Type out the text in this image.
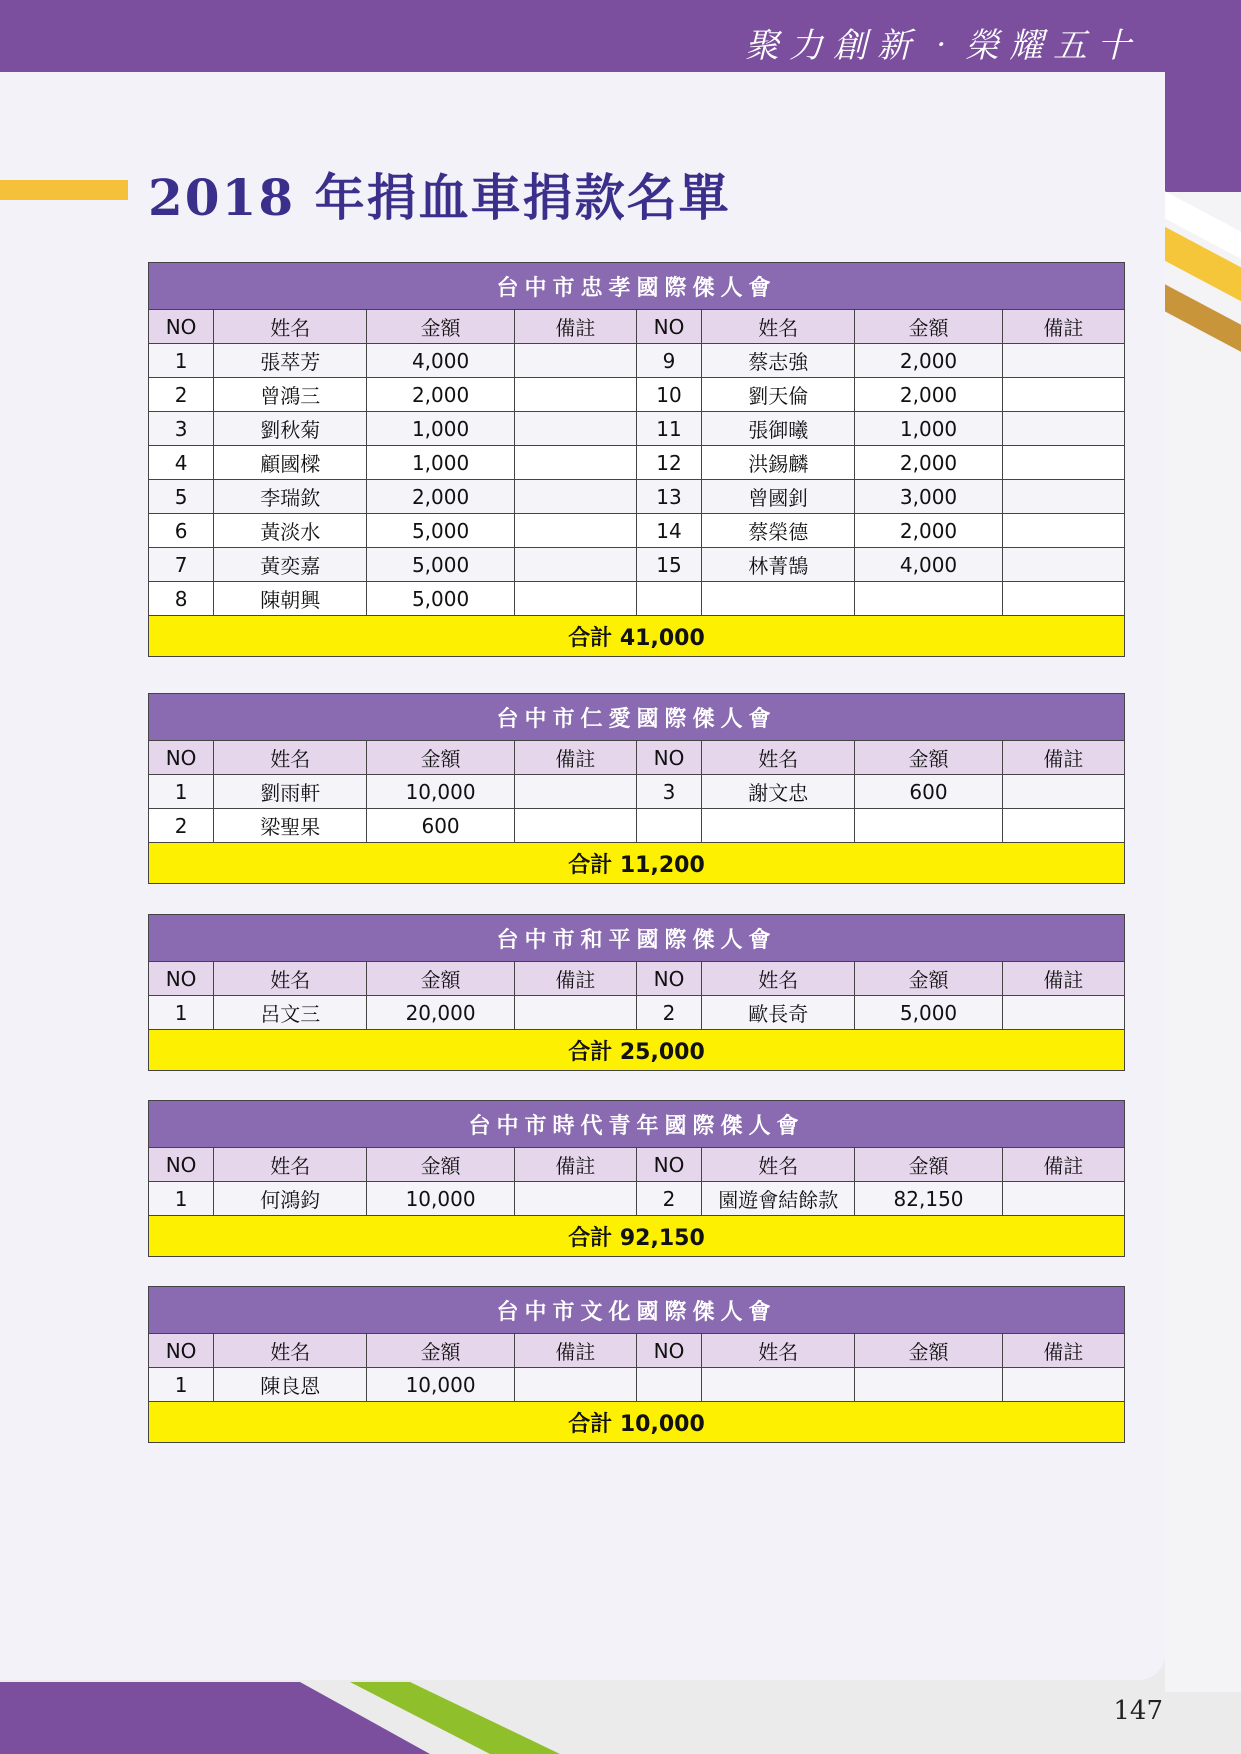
聚力創新‧榮耀五十
2018 年捐血車捐款名單
台中市忠孝國際傑人會							
NO	姓名	金額	備註	NO	姓名	金額	備註
1	張萃芳	4,000		9	蔡志強	2,000	
2	曾鴻三	2,000		10	劉天倫	2,000	
3	劉秋菊	1,000		11	張御曦	1,000	
4	顧國樑	1,000		12	洪錫麟	2,000	
5	李瑞欽	2,000		13	曾國釗	3,000	
6	黃淡水	5,000		14	蔡榮德	2,000	
7	黃奕嘉	5,000		15	林菁鵠	4,000	
8	陳朝興	5,000					
合計 41,000							
台中市仁愛國際傑人會							
NO	姓名	金額	備註	NO	姓名	金額	備註
1	劉雨軒	10,000		3	謝文忠	600	
2	梁聖果	600					
合計 11,200							
台中市和平國際傑人會							
NO	姓名	金額	備註	NO	姓名	金額	備註
1	呂文三	20,000		2	歐長奇	5,000	
合計 25,000							
台中市時代青年國際傑人會							
NO	姓名	金額	備註	NO	姓名	金額	備註
1	何鴻鈞	10,000		2	園遊會結餘款	82,150	
合計 92,150							
台中市文化國際傑人會							
NO	姓名	金額	備註	NO	姓名	金額	備註
1	陳良恩	10,000					
合計 10,000							
147
